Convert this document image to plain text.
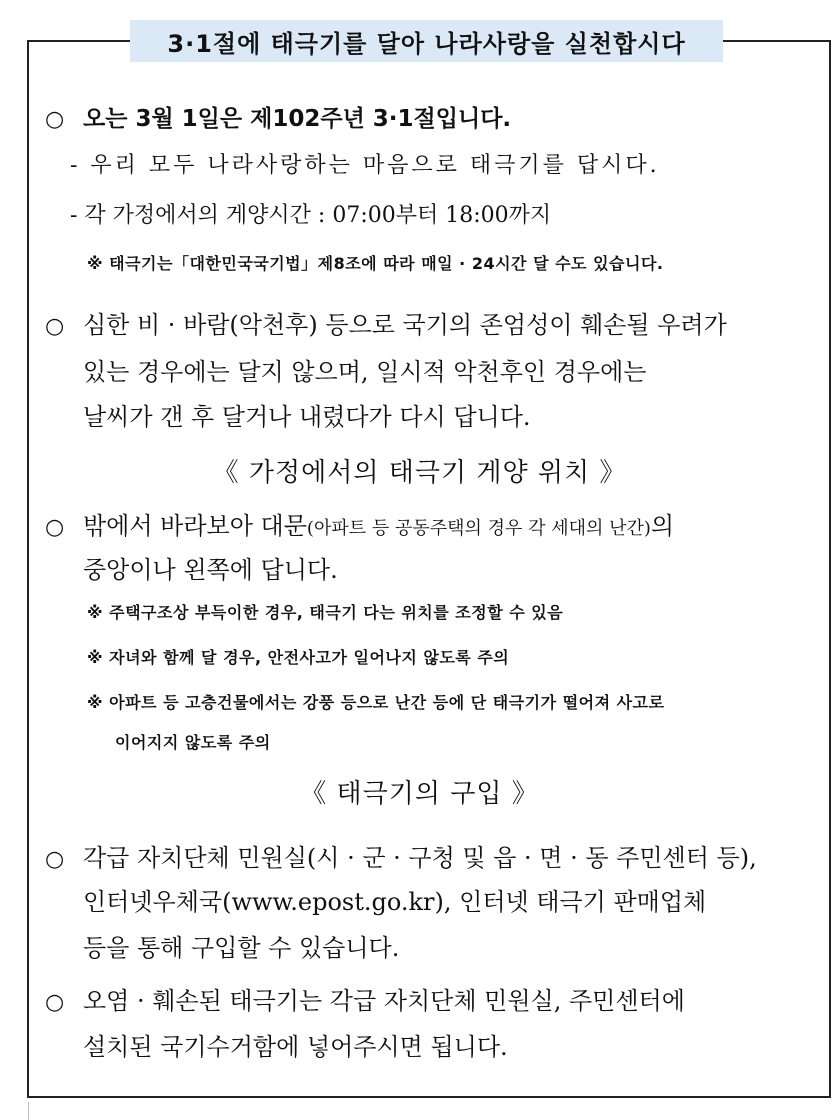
3·1절에 태극기를 달아 나라사랑을 실천합시다
○ 오는 3월 1일은 제102주년 3·1절입니다.
- 우리 모두 나라사랑하는 마음으로 태극기를 답시다.
- 각 가정에서의 게양시간 : 07:00부터 18:00까지
※ 태극기는「대한민국국기법」제8조에 따라 매일 · 24시간 달 수도 있습니다.
○ 심한 비 · 바람(악천후) 등으로 국기의 존엄성이 훼손될 우려가
있는 경우에는 달지 않으며, 일시적 악천후인 경우에는
날씨가 갠 후 달거나 내렸다가 다시 답니다.
《 가정에서의 태극기 게양 위치 》
○ 밖에서 바라보아 대문(아파트 등 공동주택의 경우 각 세대의 난간)의
중앙이나 왼쪽에 답니다.
※ 주택구조상 부득이한 경우, 태극기 다는 위치를 조정할 수 있음
※ 자녀와 함께 달 경우, 안전사고가 일어나지 않도록 주의
※ 아파트 등 고층건물에서는 강풍 등으로 난간 등에 단 태극기가 떨어져 사고로
이어지지 않도록 주의
《 태극기의 구입 》
○ 각급 자치단체 민원실(시 · 군 · 구청 및 읍 · 면 · 동 주민센터 등),
인터넷우체국(www.epost.go.kr), 인터넷 태극기 판매업체
등을 통해 구입할 수 있습니다.
○ 오염 · 훼손된 태극기는 각급 자치단체 민원실, 주민센터에
설치된 국기수거함에 넣어주시면 됩니다.
